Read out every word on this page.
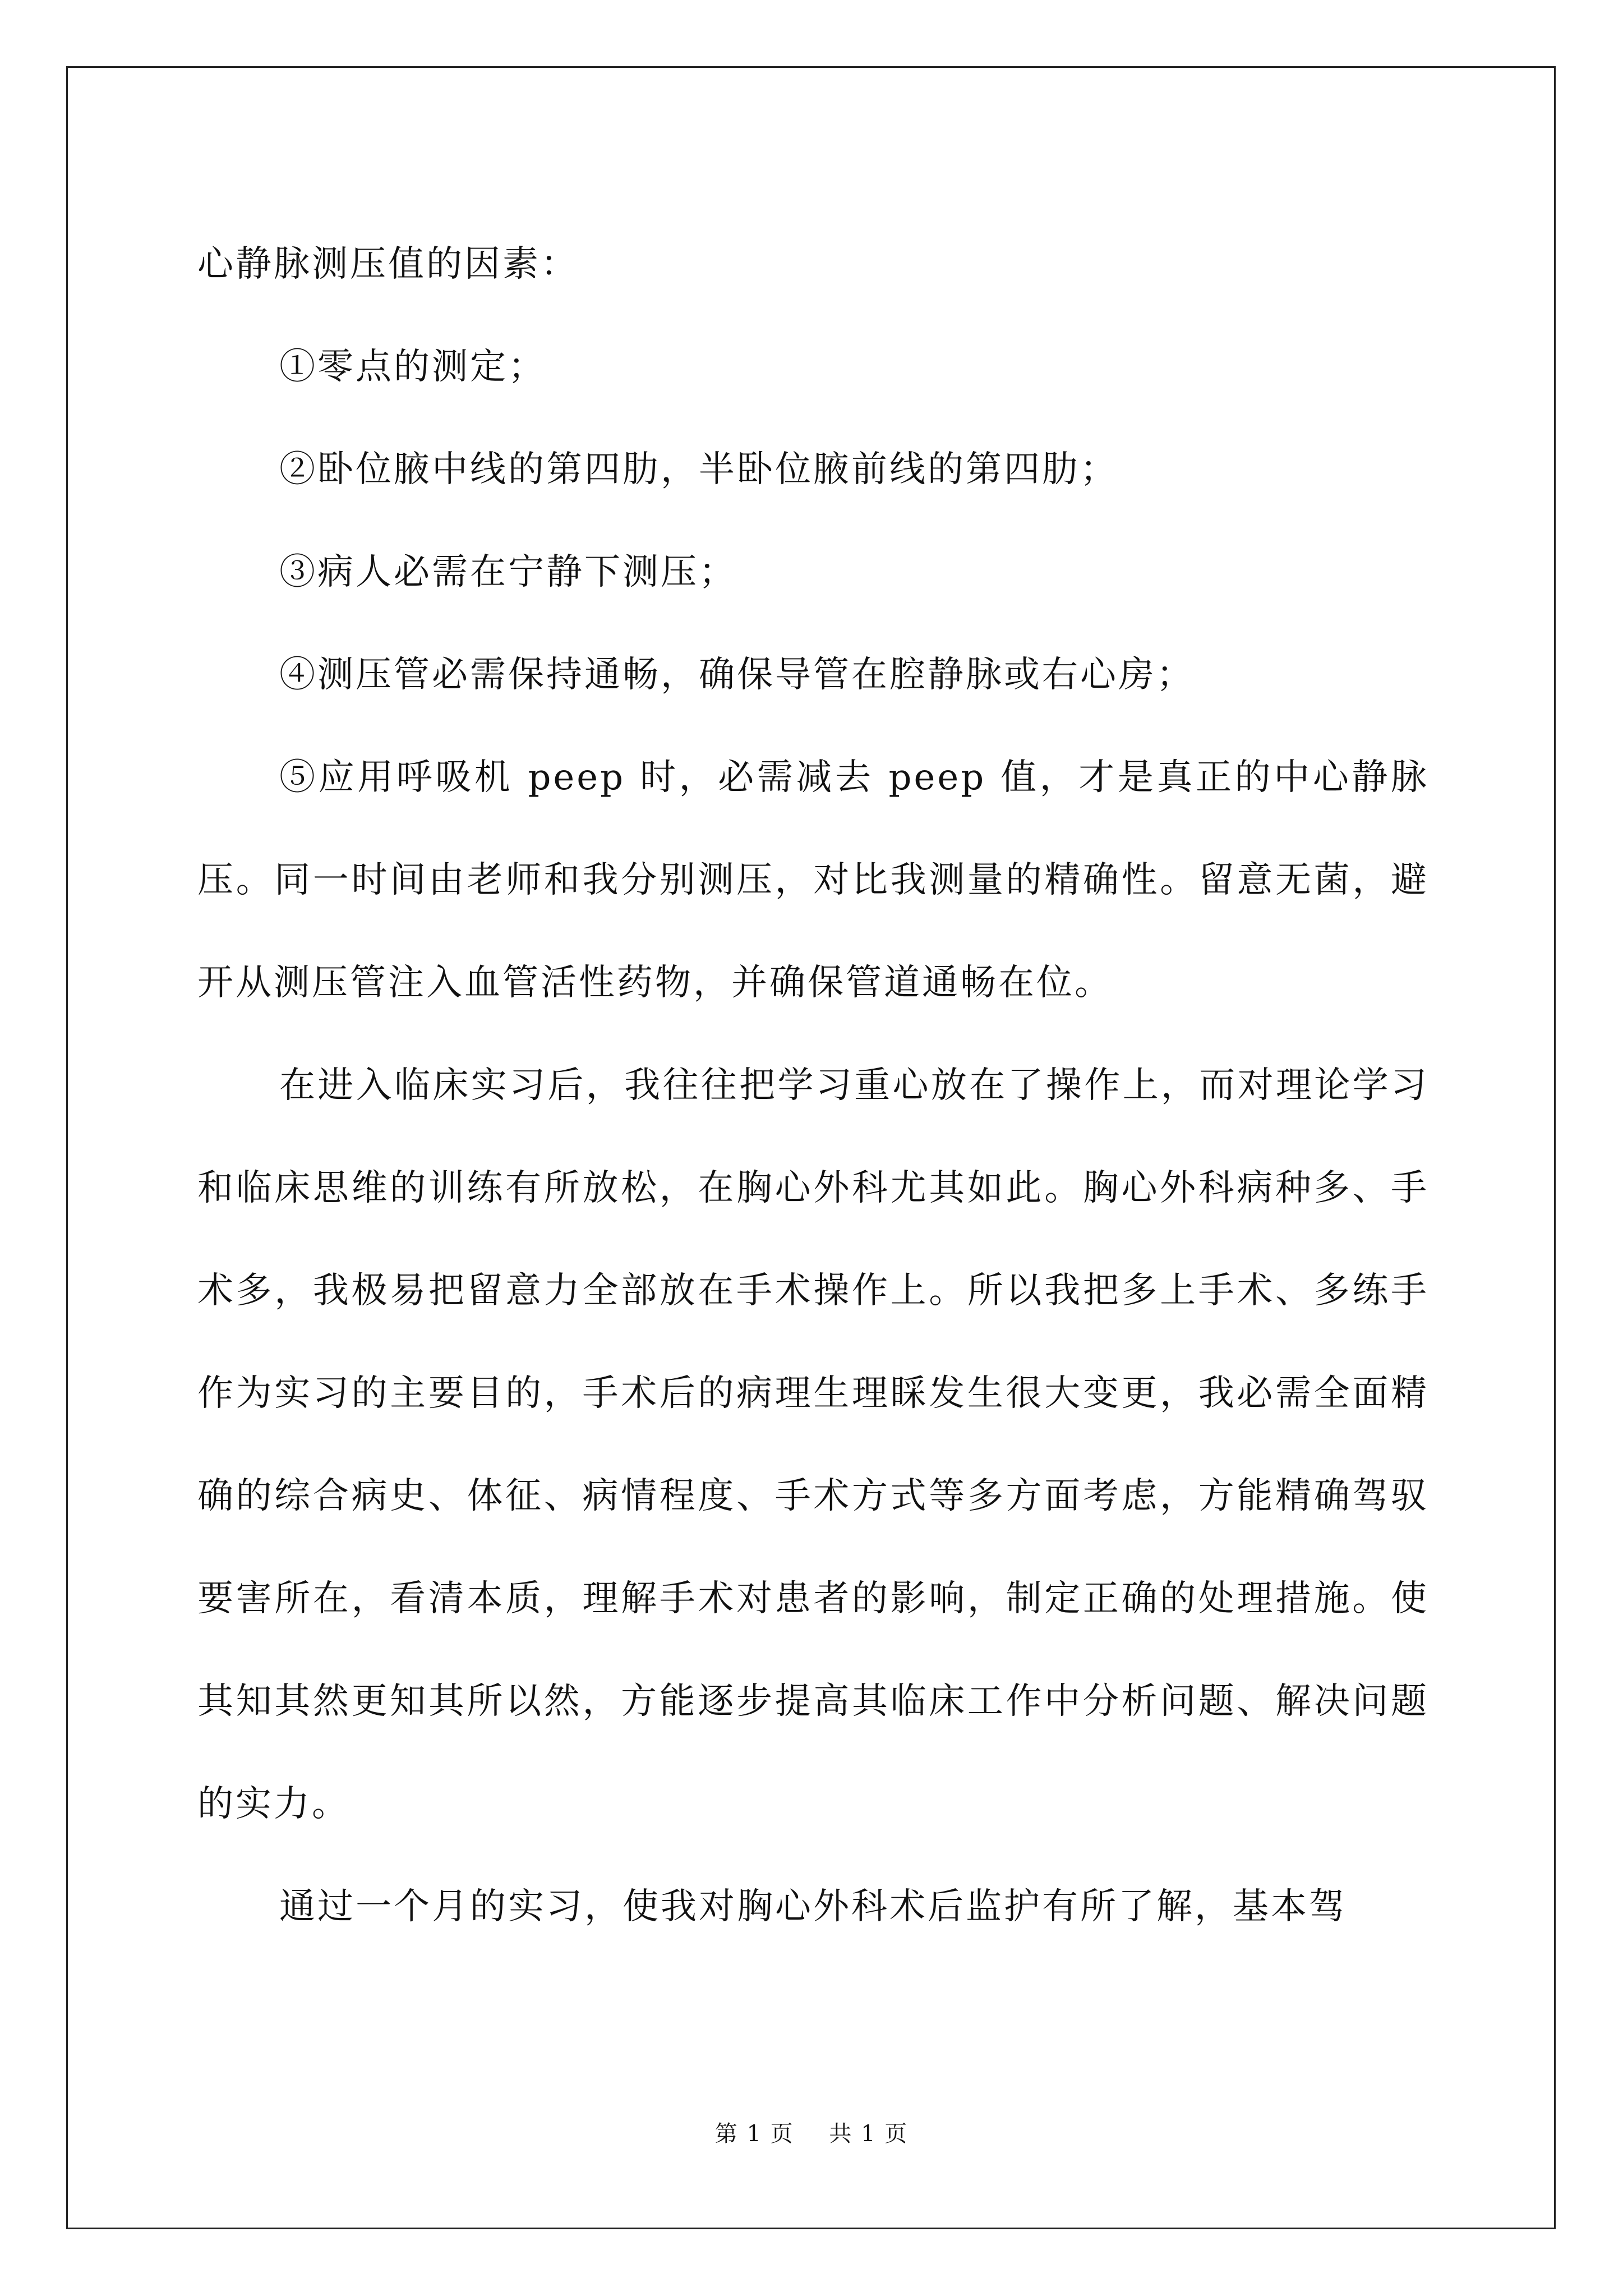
心静脉测压值的因素：

①零点的测定；

②卧位腋中线的第四肋，半卧位腋前线的第四肋；

③病人必需在宁静下测压；

④测压管必需保持通畅，确保导管在腔静脉或右心房；

⑤应用呼吸机 peep 时，必需减去 peep 值，才是真正的中心静脉压。同一时间由老师和我分别测压，对比我测量的精确性。留意无菌，避开从测压管注入血管活性药物，并确保管道通畅在位。

在进入临床实习后，我往往把学习重心放在了操作上，而对理论学习和临床思维的训练有所放松，在胸心外科尤其如此。胸心外科病种多、手术多，我极易把留意力全部放在手术操作上。所以我把多上手术、多练手作为实习的主要目的，手术后的病理生理睬发生很大变更，我必需全面精确的综合病史、体征、病情程度、手术方式等多方面考虑，方能精确驾驭要害所在，看清本质，理解手术对患者的影响，制定正确的处理措施。使其知其然更知其所以然，方能逐步提高其临床工作中分析问题、解决问题的实力。

通过一个月的实习，使我对胸心外科术后监护有所了解，基本驾

第 1 页 共 1 页
